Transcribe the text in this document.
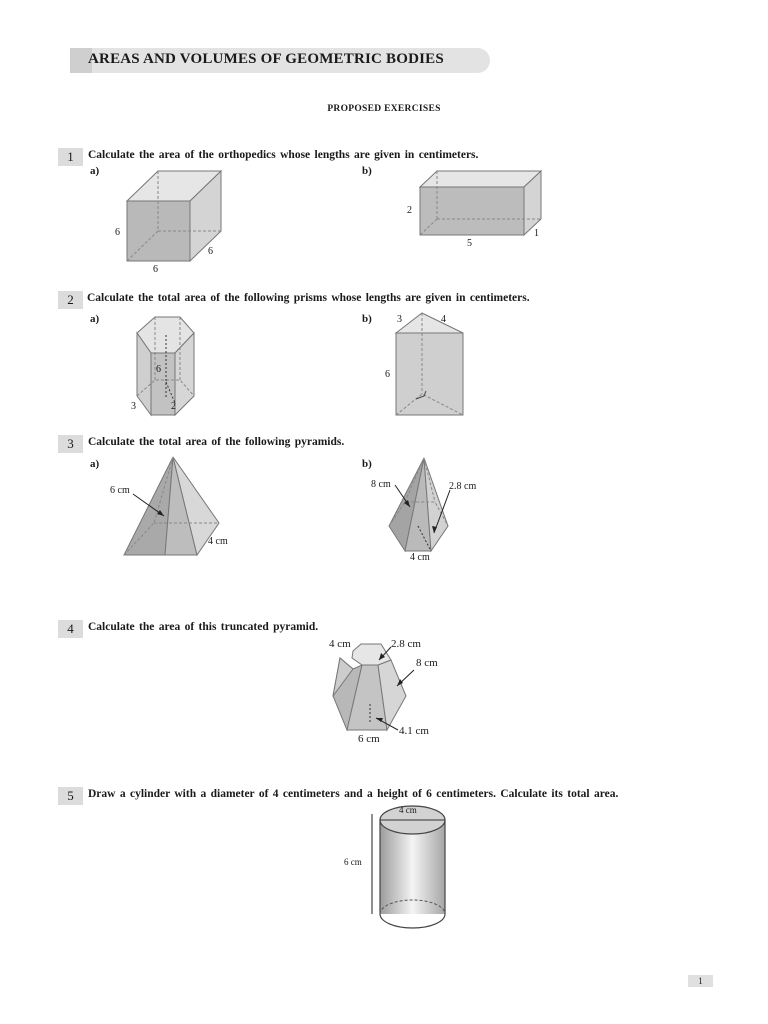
AREAS AND VOLUMES OF GEOMETRIC BODIES
PROPOSED EXERCISES
1	Calculate the area of the orthopedics whose lengths are given in centimeters.
a)	b)
6
6
6
2
5
1
2	Calculate the total area of the following prisms whose lengths are given in centimeters.
a)	b)
6
3	2
3	4
6
3	Calculate the total area of the following pyramids.
a)	b)
6 cm
4 cm
8 cm	2.8 cm
4 cm
4	Calculate the area of this truncated pyramid.
4 cm	2.8 cm
8 cm
4.1 cm
6 cm
5	Draw a cylinder with a diameter of 4 centimeters and a height of 6 centimeters. Calculate its total area.
4 cm
6 cm
1
